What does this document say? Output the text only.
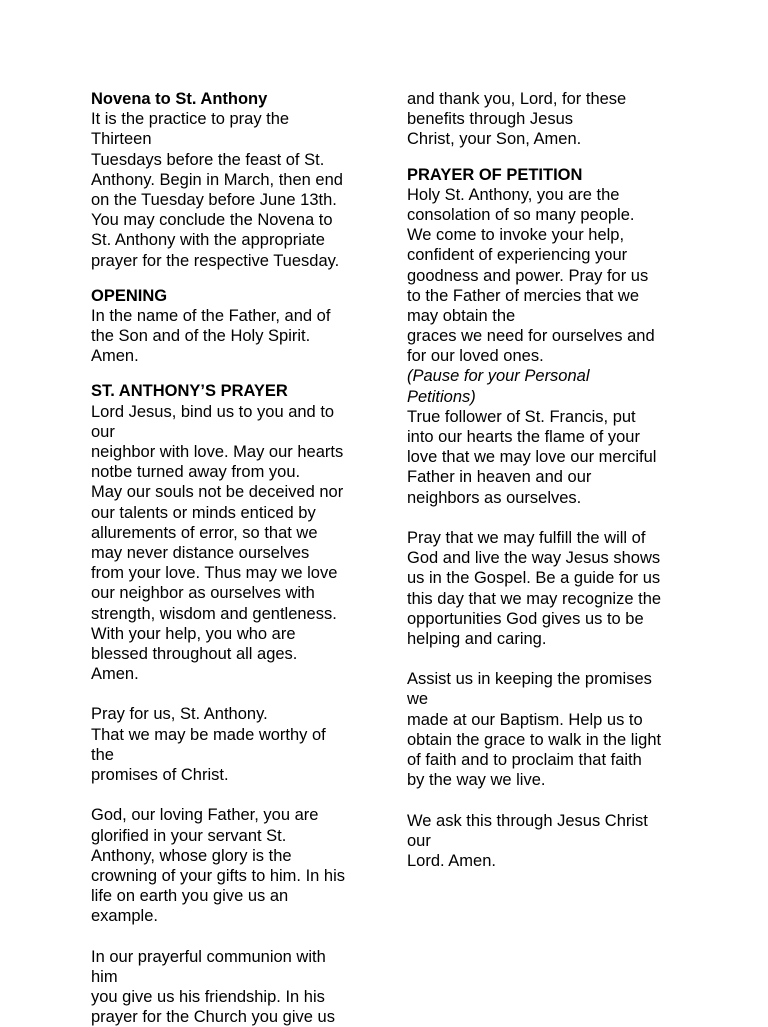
Novena to St. Anthony
It is the practice to pray the
Thirteen
Tuesdays before the feast of St.
Anthony. Begin in March, then end
on the Tuesday before June 13th.
You may conclude the Novena to
St. Anthony with the appropriate
prayer for the respective Tuesday.
OPENING
In the name of the Father, and of
the Son and of the Holy Spirit.
Amen.
ST. ANTHONY’S PRAYER
Lord Jesus, bind us to you and to
our
neighbor with love. May our hearts
notbe turned away from you.
May our souls not be deceived nor
our talents or minds enticed by
allurements of error, so that we
may never distance ourselves
from your love. Thus may we love
our neighbor as ourselves with
strength, wisdom and gentleness.
With your help, you who are
blessed throughout all ages.
Amen.
Pray for us, St. Anthony.
That we may be made worthy of
the
promises of Christ.
God, our loving Father, you are
glorified in your servant St.
Anthony, whose glory is the
crowning of your gifts to him. In his
life on earth you give us an
example.
In our prayerful communion with
him
you give us his friendship. In his
prayer for the Church you give us
and thank you, Lord, for these
benefits through Jesus
Christ, your Son, Amen.
PRAYER OF PETITION
Holy St. Anthony, you are the
consolation of so many people.
We come to invoke your help,
confident of experiencing your
goodness and power. Pray for us
to the Father of mercies that we
may obtain the
graces we need for ourselves and
for our loved ones.
(Pause for your Personal
Petitions)
True follower of St. Francis, put
into our hearts the flame of your
love that we may love our merciful
Father in heaven and our
neighbors as ourselves.
Pray that we may fulfill the will of
God and live the way Jesus shows
us in the Gospel. Be a guide for us
this day that we may recognize the
opportunities God gives us to be
helping and caring.
Assist us in keeping the promises
we
made at our Baptism. Help us to
obtain the grace to walk in the light
of faith and to proclaim that faith
by the way we live.
We ask this through Jesus Christ
our
Lord. Amen.
